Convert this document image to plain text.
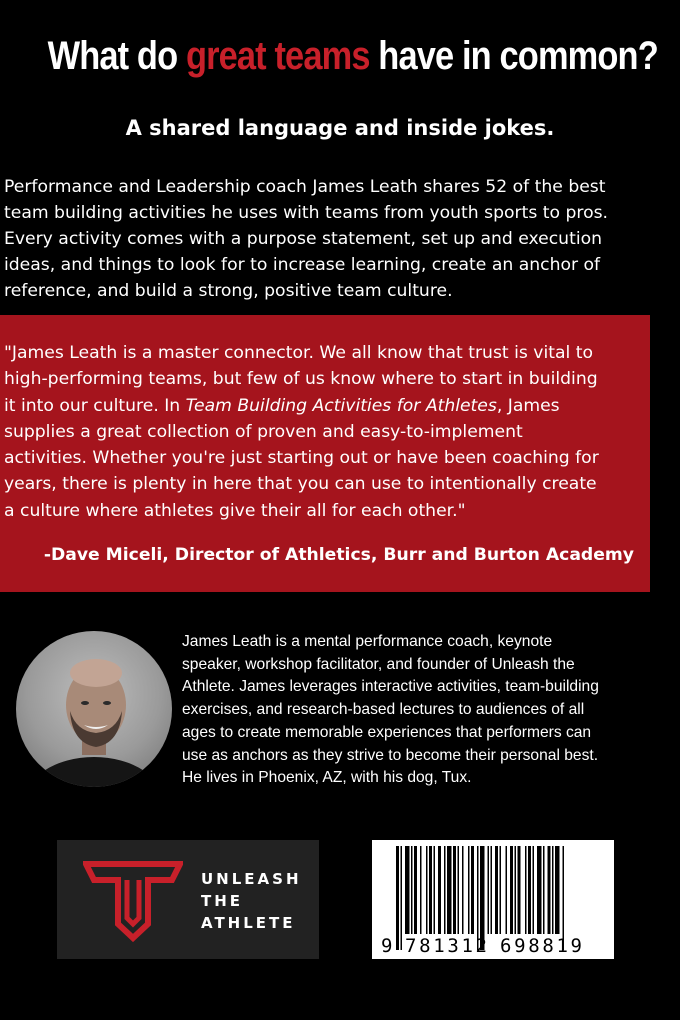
What do great teams have in common?
A shared language and inside jokes.
Performance and Leadership coach James Leath shares 52 of the best
team building activities he uses with teams from youth sports to pros.
Every activity comes with a purpose statement, set up and execution
ideas, and things to look for to increase learning, create an anchor of
reference, and build a strong, positive team culture.
"James Leath is a master connector. We all know that trust is vital to
high-performing teams, but few of us know where to start in building
it into our culture. In Team Building Activities for Athletes, James
supplies a great collection of proven and easy-to-implement
activities. Whether you're just starting out or have been coaching for
years, there is plenty in here that you can use to intentionally create
a culture where athletes give their all for each other."
-Dave Miceli, Director of Athletics, Burr and Burton Academy
James Leath is a mental performance coach, keynote
speaker, workshop facilitator, and founder of Unleash the
Athlete. James leverages interactive activities, team-building
exercises, and research-based lectures to audiences of all
ages to create memorable experiences that performers can
use as anchors as they strive to become their personal best.
He lives in Phoenix, AZ, with his dog, Tux.
UNLEASH
THE
ATHLETE
9 781312 698819
